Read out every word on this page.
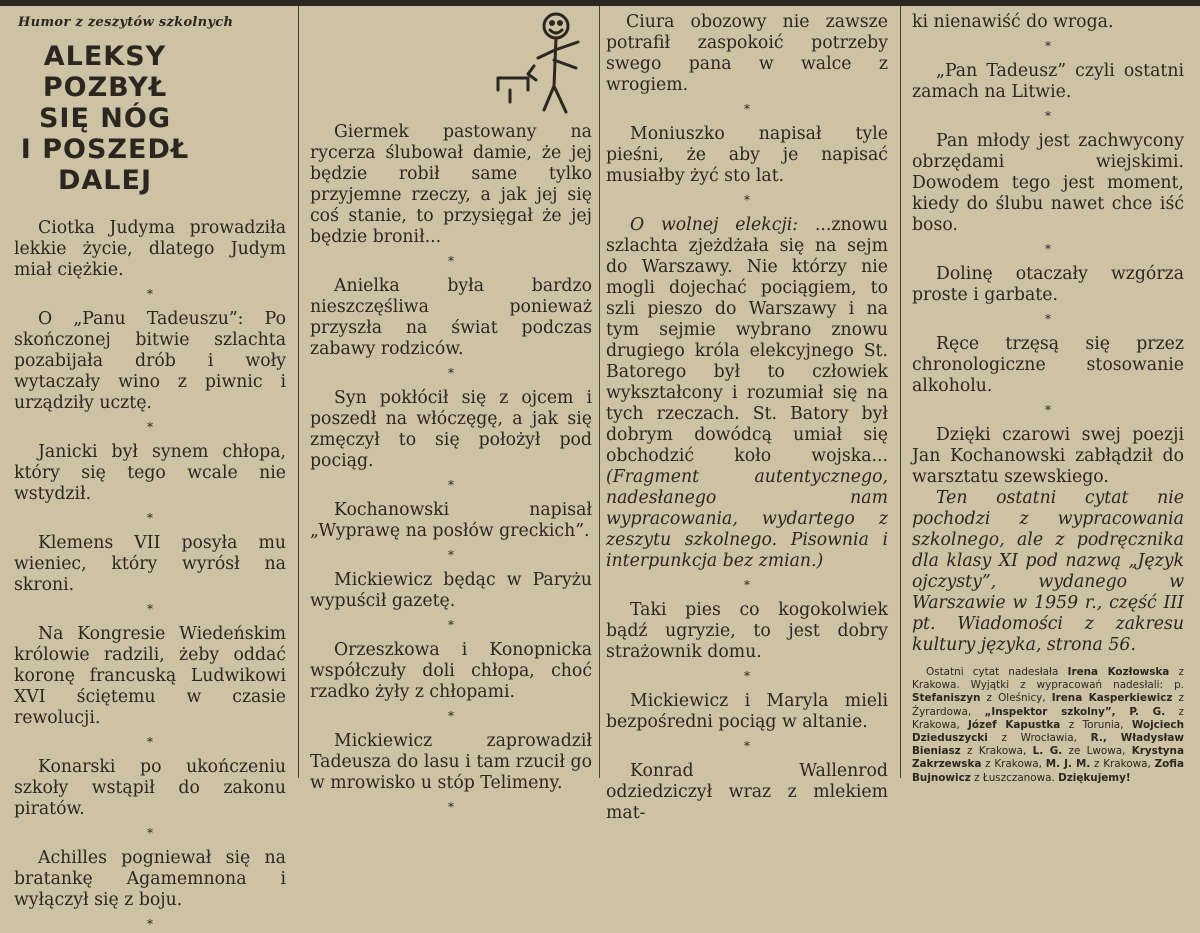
Humor z zeszytów szkolnych
ALEKSY POZBYŁ SIĘ NÓG
I POSZEDŁ DALEJ

Ciotka Judyma prowadziła lekkie życie, dlatego Judym miał ciężkie.

*

O „Panu Tadeuszu”: Po skończonej bitwie szlachta pozabijała drób i woły wytaczały wino z piwnic i urządziły ucztę.

*

Janicki był synem chłopa, który się tego wcale nie wstydził.

*

Klemens VII posyła mu wieniec, który wyrósł na skroni.

*

Na Kongresie Wiedeńskim królowie radzili, żeby oddać koronę francuską Ludwikowi XVI ściętemu w czasie rewolucji.

*

Konarski po ukończeniu szkoły wstąpił do zakonu piratów.

*

Achilles pogniewał się na bratankę Agamemnona i wyłączył się z boju.

*

Giermek pastowany na rycerza ślubował damie, że jej będzie robił same tylko przyjemne rzeczy, a jak jej się coś stanie, to przysięgał że jej będzie bronił...

*

Anielka była bardzo nieszczęśliwa ponieważ przyszła na świat podczas zabawy rodziców.

*

Syn pokłócił się z ojcem i poszedł na włóczęgę, a jak się zmęczył to się położył pod pociąg.

*

Kochanowski napisał „Wyprawę na posłów greckich”.

*

Mickiewicz będąc w Paryżu wypuścił gazetę.

*

Orzeszkowa i Konopnicka współczuły doli chłopa, choć rzadko żyły z chłopami.

*

Mickiewicz zaprowadził Tadeusza do lasu i tam rzucił go w mrowisko u stóp Telimeny.

*

Ciura obozowy nie zawsze potrafił zaspokoić potrzeby swego pana w walce z wrogiem.

*

Moniuszko napisał tyle pieśni, że aby je napisać musiałby żyć sto lat.

*

O wolnej elekcji: ...znowu szlachta zjeżdżała się na sejm do Warszawy. Nie którzy nie mogli dojechać pociągiem, to szli pieszo do Warszawy i na tym sejmie wybrano znowu drugiego króla elekcyjnego St. Batorego był to człowiek wykształcony i rozumiał się na tych rzeczach. St. Batory był dobrym dowódcą umiał się obchodzić koło wojska... (Fragment autentycznego, nadesłanego nam wypracowania, wydartego z zeszytu szkolnego. Pisownia i interpunkcja bez zmian.)

*

Taki pies co kogokolwiek bądź ugryzie, to jest dobry strażownik domu.

*

Mickiewicz i Maryla mieli bezpośredni pociąg w altanie.

*

Konrad Wallenrod odziedziczył wraz z mlekiem mat-

ki nienawiść do wroga.

*

„Pan Tadeusz” czyli ostatni zamach na Litwie.

*

Pan młody jest zachwycony obrzędami wiejskimi. Dowodem tego jest moment, kiedy do ślubu nawet chce iść boso.

*

Dolinę otaczały wzgórza proste i garbate.

*

Ręce trzęsą się przez chronologiczne stosowanie alkoholu.

*

Dzięki czarowi swej poezji Jan Kochanowski zabłądził do warsztatu szewskiego.

Ten ostatni cytat nie pochodzi z wypracowania szkolnego, ale z podręcznika dla klasy XI pod nazwą „Język ojczysty”, wydanego w Warszawie w 1959 r., część III pt. Wiadomości z zakresu kultury języka, strona 56.

Ostatni cytat nadesłała Irena Kozłowska z Krakowa. Wyjątki z wypracowań nadesłali: p. Stefaniszyn z Oleśnicy, Irena Kasperkiewicz z Żyrardowa, „Inspektor szkolny”, P. G. z Krakowa, Józef Kapustka z Torunia, Wojciech Dzieduszycki z Wrocławia, R., Władysław Bieniasz z Krakowa, L. G. ze Lwowa, Krystyna Zakrzewska z Krakowa, M. J. M. z Krakowa, Zofia Bujnowicz z Łuszczanowa. Dziękujemy!
